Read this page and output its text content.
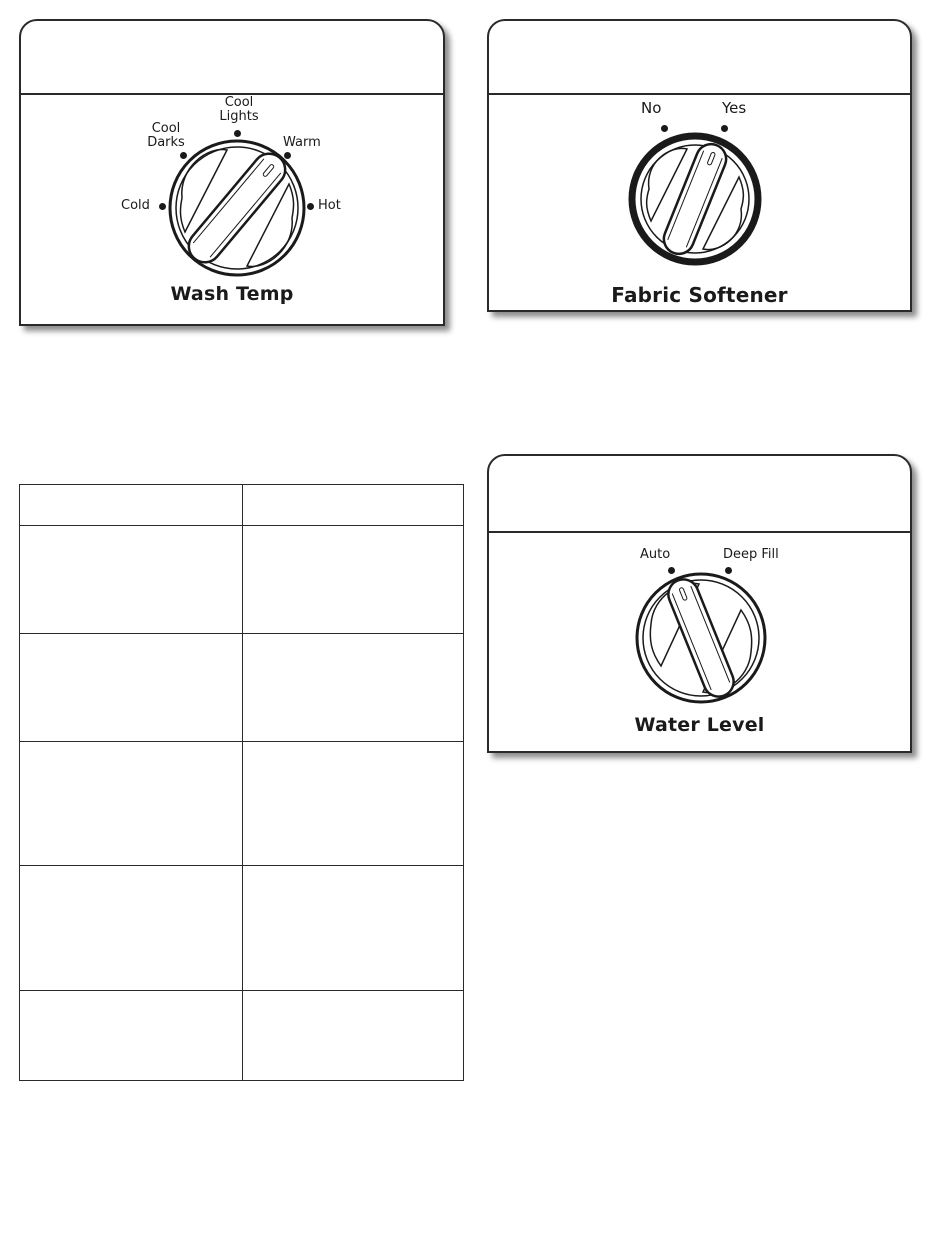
Cold
Cool
Darks
Cool
Lights
Warm
Hot
Wash Temp
No	Yes
Fabric Softener
Auto	Deep Fill
Water Level
